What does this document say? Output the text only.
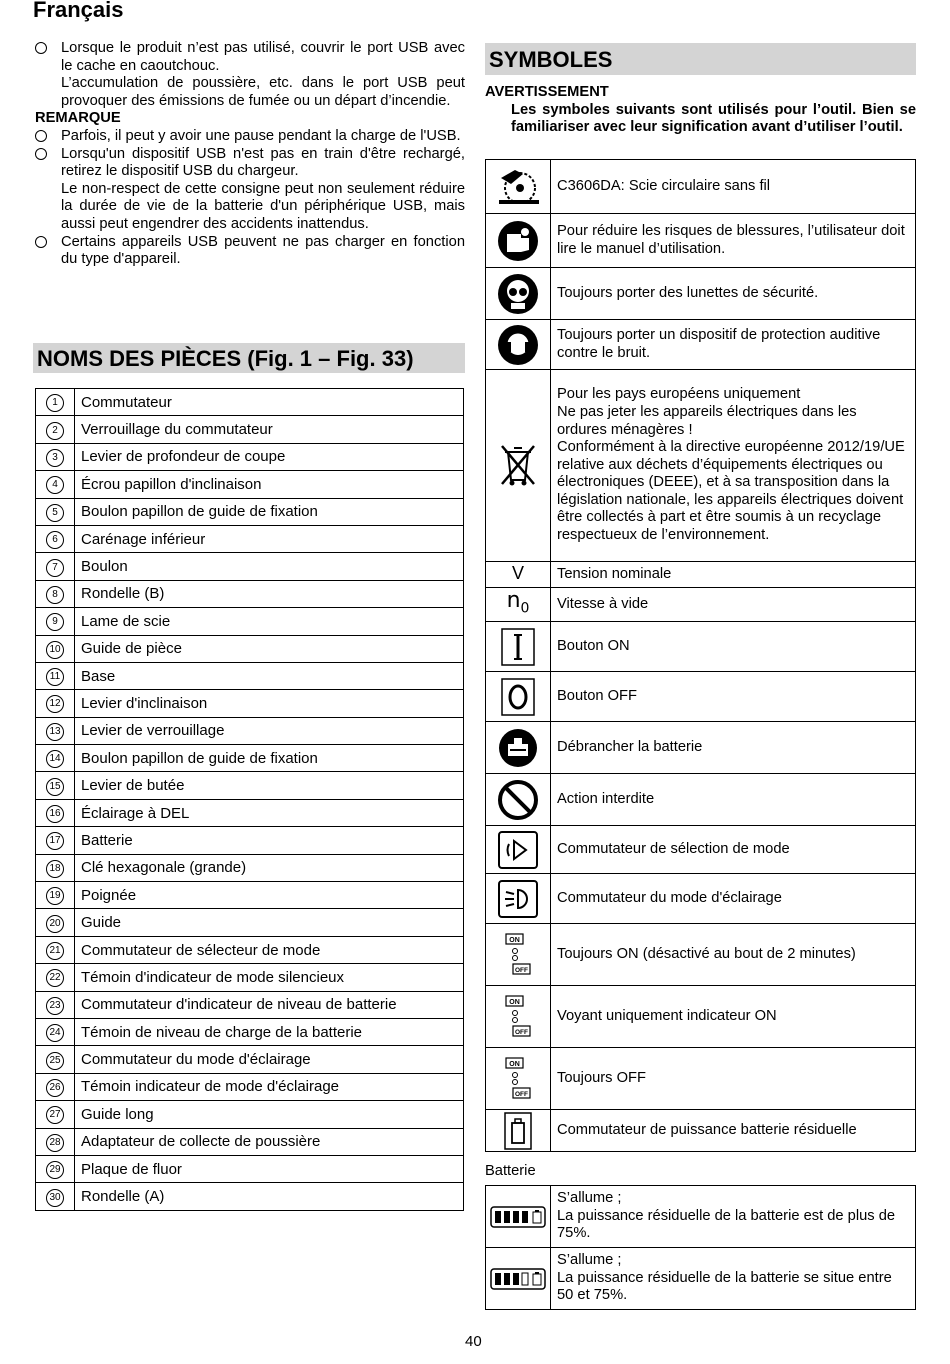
Français
Lorsque le produit n’est pas utilisé, couvrir le port USB avec le cache en caoutchouc.
L’accumulation de poussière, etc. dans le port USB peut provoquer des émissions de fumée ou un départ d’incendie.
REMARQUE
Parfois, il peut y avoir une pause pendant la charge de l'USB.
Lorsqu'un dispositif USB n'est pas en train d'être rechargé, retirez le dispositif USB du chargeur.
Le non-respect de cette consigne peut non seulement réduire la durée de vie de la batterie d'un périphérique USB, mais aussi peut engendrer des accidents inattendus.
Certains appareils USB peuvent ne pas charger en fonction du type d'appareil.
NOMS DES PIÈCES (Fig. 1 – Fig. 33)
1	Commutateur
2	Verrouillage du commutateur
3	Levier de profondeur de coupe
4	Écrou papillon d'inclinaison
5	Boulon papillon de guide de fixation
6	Carénage inférieur
7	Boulon
8	Rondelle (B)
9	Lame de scie
10	Guide de pièce
11	Base
12	Levier d'inclinaison
13	Levier de verrouillage
14	Boulon papillon de guide de fixation
15	Levier de butée
16	Éclairage à DEL
17	Batterie
18	Clé hexagonale (grande)
19	Poignée
20	Guide
21	Commutateur de sélecteur de mode
22	Témoin d'indicateur de mode silencieux
23	Commutateur d'indicateur de niveau de batterie
24	Témoin de niveau de charge de la batterie
25	Commutateur du mode d'éclairage
26	Témoin indicateur de mode d'éclairage
27	Guide long
28	Adaptateur de collecte de poussière
29	Plaque de fluor
30	Rondelle (A)
SYMBOLES
AVERTISSEMENT
Les symboles suivants sont utilisés pour l’outil. Bien se familiariser avec leur signification avant d’utiliser l’outil.
	C3606DA: Scie circulaire sans fil
	Pour réduire les risques de blessures, l’utilisateur doit lire le manuel d’utilisation.
	Toujours porter des lunettes de sécurité.
	Toujours porter un dispositif de protection auditive contre le bruit.
	Pour les pays européens uniquement
Ne pas jeter les appareils électriques dans les ordures ménagères !
Conformément à la directive européenne 2012/19/UE relative aux déchets d’équipements électriques ou électroniques (DEEE), et à sa transposition dans la législation nationale, les appareils électriques doivent être collectés à part et être soumis à un recyclage respectueux de l’environnement.
V	Tension nominale
$n_0$	Vitesse à vide
	Bouton ON
	Bouton OFF
	Débrancher la batterie
	Action interdite
	Commutateur de sélection de mode
	Commutateur du mode d'éclairage

ON
OFF	Toujours ON (désactivé au bout de 2 minutes)

ON
OFF	Voyant uniquement indicateur ON

ON
OFF	Toujours OFF
	Commutateur de puissance batterie résiduelle
Batterie
	S’allume ;
La puissance résiduelle de la batterie est de plus de 75%.
	S’allume ;
La puissance résiduelle de la batterie se situe entre 50 et 75%.
40
